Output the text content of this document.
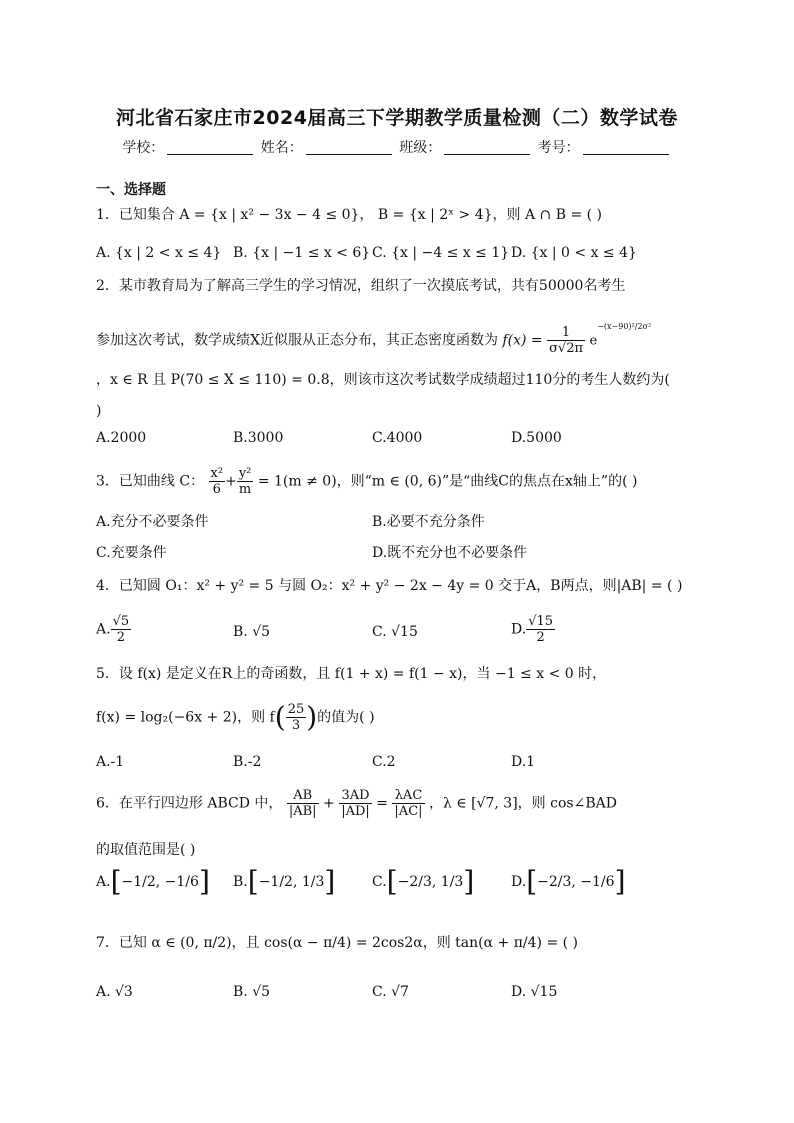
河北省石家庄市2024届高三下学期教学质量检测（二）数学试卷
学校：	姓名：	班级：	考号：
一、选择题
1．已知集合 A = {x | x² − 3x − 4 ≤ 0}， B = {x | 2ˣ > 4}，则 A ∩ B = ( )
A. {x | 2 < x ≤ 4} B. {x | −1 ≤ x < 6} C. {x | −4 ≤ x ≤ 1} D. {x | 0 < x ≤ 4}
2．某市教育局为了解高三学生的学习情况，组织了一次摸底考试，共有50000名考生
参加这次考试，数学成绩X近似服从正态分布，其正态密度函数为 $f(x) = \frac{1}{\sigma√2\pi} e^{-(x-90)^2/2\sigma^2}$
，x ∈ R 且 P(70 ≤ X ≤ 110) = 0.8，则该市这次考试数学成绩超过110分的考生人数约为(
)
A.2000	B.3000	C.4000	D.5000
3．已知曲线 C： $\frac{\text{x²}}{6} + \frac{\text{y²}}{m} = 1(m \ne 0)$，则“m ∈ (0, 6)”是“曲线C的焦点在x轴上”的( )
A.充分不必要条件	B.必要不充分条件
C.充要条件	D.既不充分也不必要条件
4．已知圆 O₁：x² + y² = 5 与圆 O₂：x² + y² − 2x − 4y = 0 交于A，B两点，则|AB| = ( )
A. $\frac{√5}{2}$	B. √5	C. √15	D. $\frac{√15}{2}$
5．设 f(x) 是定义在R上的奇函数，且 f(1 + x) = f(1 − x)，当 −1 ≤ x < 0 时，
f(x) = log₂(−6x + 2)，则 $f( \frac{25}{3}$ )的值为( )
A.-1	B.-2	C.2	D.1
6．在平行四边形 ABCD 中， $\frac{AB}{|AB|} + \frac{3AD}{|AD|} = \frac{\text{λAC}}{|AC|}$ ，λ ∈ [√7, 3]，则 cos∠BAD
的取值范围是( )
A.[−1/2, −1/6] B.[−1/2, 1/3]	C.[−2/3, 1/3]	D.[−2/3, −1/6]
7．已知 α ∈ (0, π/2)，且 cos(α − π/4) = 2cos2α，则 tan(α + π/4) = ( )
A. √3	B. √5	C. √7	D. √15
